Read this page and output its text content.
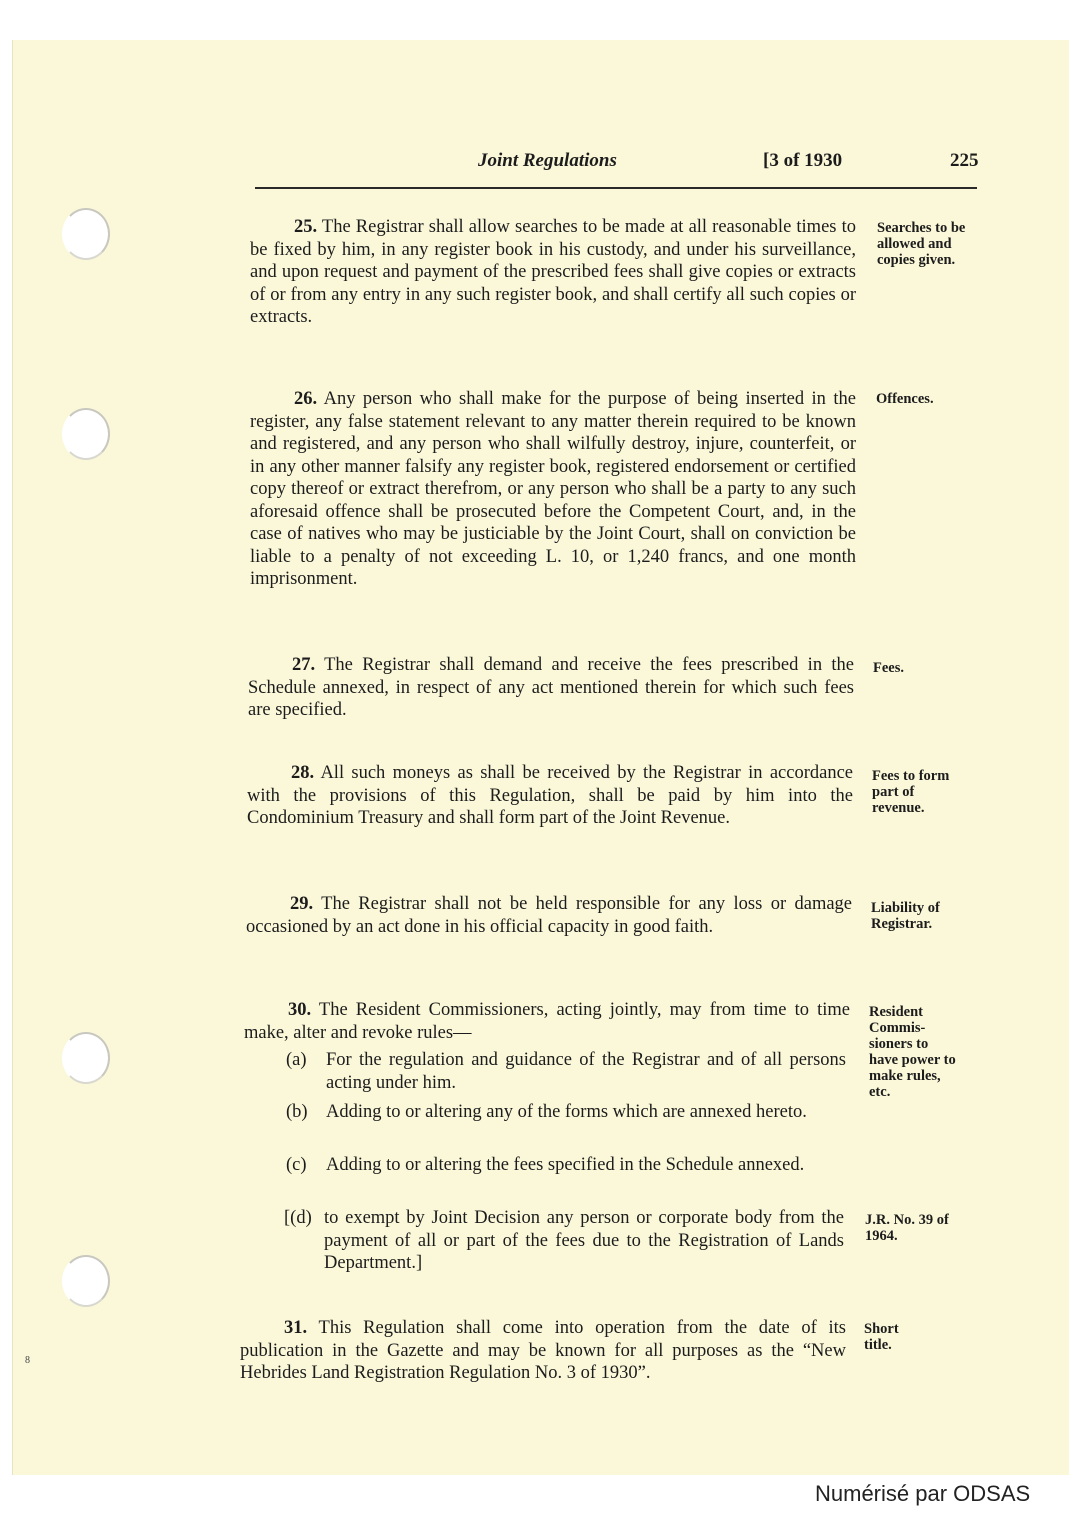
Joint Regulations	[3 of 1930	225
25. The Registrar shall allow searches to be made at all reasonable times to be fixed by him, in any register book in his custody, and under his surveillance, and upon request and payment of the prescribed fees shall give copies or extracts of or from any entry in any such register book, and shall certify all such copies or extracts.
Searches to be allowed and copies given.
26. Any person who shall make for the purpose of being inserted in the register, any false statement relevant to any matter therein required to be known and registered, and any person who shall wilfully destroy, injure, counterfeit, or in any other manner falsify any register book, registered endorsement or certified copy thereof or extract therefrom, or any person who shall be a party to any such aforesaid offence shall be prosecuted before the Competent Court, and, in the case of natives who may be justiciable by the Joint Court, shall on conviction be liable to a penalty of not exceeding L. 10, or 1,240 francs, and one month imprisonment.
Offences.
27. The Registrar shall demand and receive the fees prescribed in the Schedule annexed, in respect of any act mentioned therein for which such fees are specified.
Fees.
28. All such moneys as shall be received by the Registrar in accordance with the provisions of this Regulation, shall be paid by him into the Condominium Treasury and shall form part of the Joint Revenue.
Fees to form part of revenue.
29. The Registrar shall not be held responsible for any loss or damage occasioned by an act done in his official capacity in good faith.
Liability of Registrar.
30. The Resident Commissioners, acting jointly, may from time to time make, alter and revoke rules—
Resident Commis- sioners to have power to make rules, etc.
(a) For the regulation and guidance of the Registrar and of all persons acting under him.
(b) Adding to or altering any of the forms which are annexed hereto.
(c) Adding to or altering the fees specified in the Schedule annexed.
[(d) to exempt by Joint Decision any person or corporate body from the payment of all or part of the fees due to the Registration of Lands Department.]
J.R. No. 39 of 1964.
31. This Regulation shall come into operation from the date of its publication in the Gazette and may be known for all purposes as the “New Hebrides Land Registration Regulation No. 3 of 1930”.
Short title.
8
Numérisé par ODSAS
